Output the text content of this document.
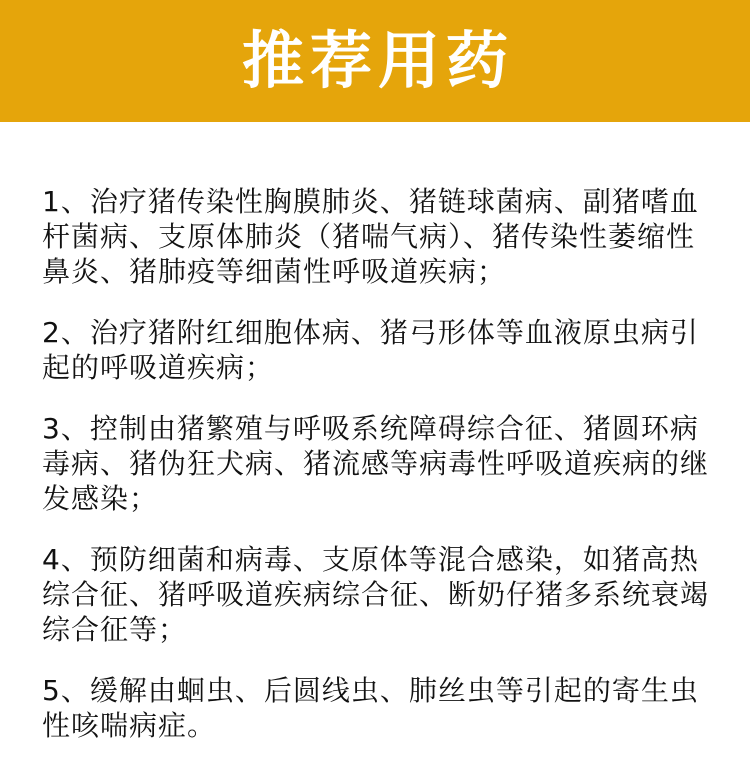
推荐用药
1、治疗猪传染性胸膜肺炎、猪链球菌病、副猪嗜血杆菌病、支原体肺炎（猪喘气病）、猪传染性萎缩性鼻炎、猪肺疫等细菌性呼吸道疾病；
2、治疗猪附红细胞体病、猪弓形体等血液原虫病引起的呼吸道疾病；
3、控制由猪繁殖与呼吸系统障碍综合征、猪圆环病毒病、猪伪狂犬病、猪流感等病毒性呼吸道疾病的继发感染；
4、预防细菌和病毒、支原体等混合感染，如猪高热综合征、猪呼吸道疾病综合征、断奶仔猪多系统衰竭综合征等；
5、缓解由蛔虫、后圆线虫、肺丝虫等引起的寄生虫性咳喘病症。
